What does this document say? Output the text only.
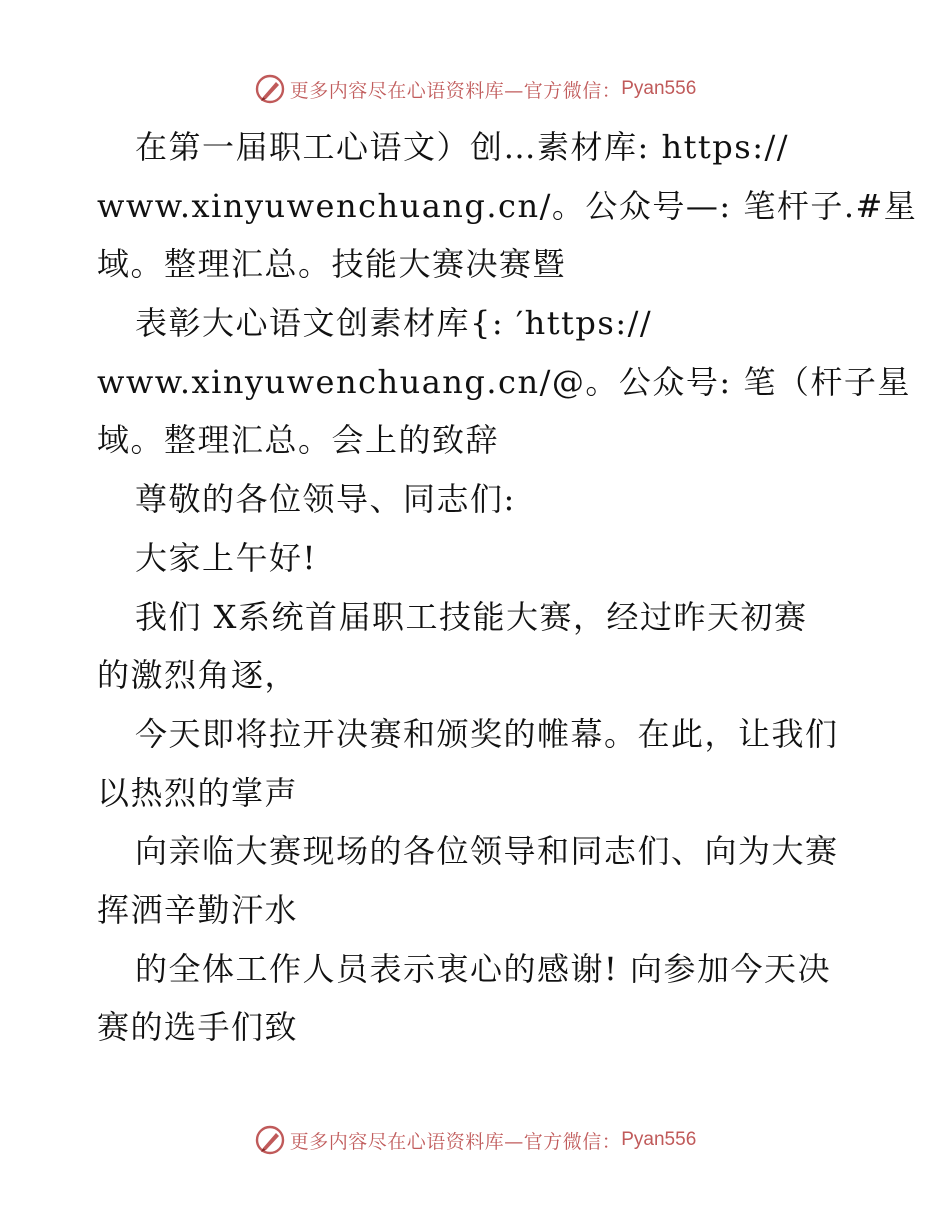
更多内容尽在心语资料库—官方微信： Pyan556
在第一届职工心语文）创…素材库: https://
www.xinyuwenchuang.cn/。公众号—: 笔杆子.#星
域。整理汇总。技能大赛决赛暨
表彰大心语文创素材库{: ′https://
www.xinyuwenchuang.cn/@。公众号: 笔（杆子星
域。整理汇总。会上的致辞
尊敬的各位领导、同志们:
大家上午好!
我们 X系统首届职工技能大赛，经过昨天初赛
的激烈角逐，
今天即将拉开决赛和颁奖的帷幕。在此，让我们
以热烈的掌声
向亲临大赛现场的各位领导和同志们、向为大赛
挥洒辛勤汗水
的全体工作人员表示衷心的感谢! 向参加今天决
赛的选手们致
更多内容尽在心语资料库—官方微信： Pyan556
